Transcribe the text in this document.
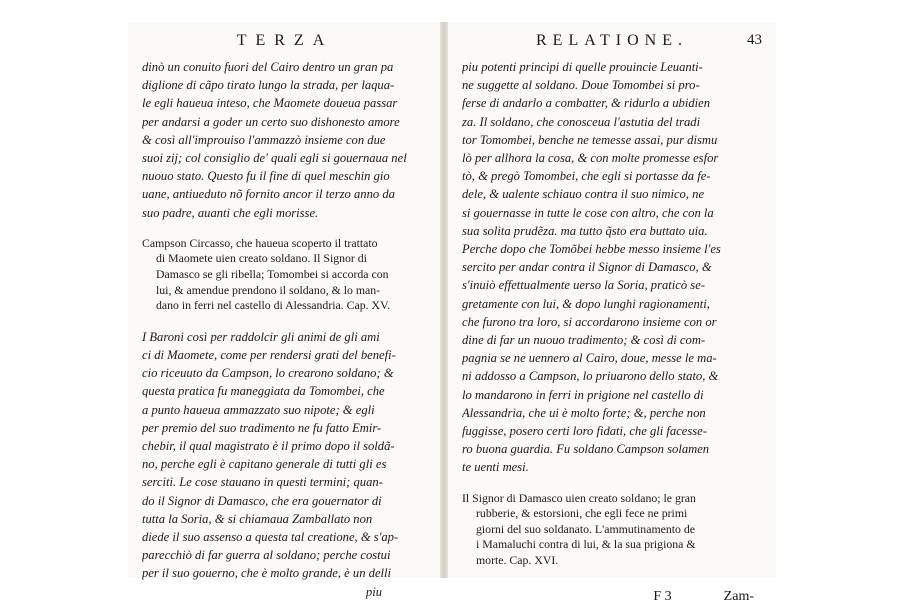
TERZA
dinò un conuito fuori del Cairo dentro un gran pa
diglione di cãpo tirato lungo la strada, per laqua-
le egli haueua inteso, che Maomete doueua passar
per andarsi a goder un certo suo dishonesto amore
& così all'improuiso l'ammazzò insieme con due
suoi zij; col consiglio de' quali egli si gouernaua nel
nuouo stato. Questo fu il fine di quel meschin gio
uane, antiueduto nõ fornito ancor il terzo anno da
suo padre, auanti che egli morisse.
Campson Circasso, che haueua scoperto il trattato
di Maomete uien creato soldano. Il Signor di
Damasco se gli ribella; Tomombei si accorda con
lui, & amendue prendono il soldano, & lo man-
dano in ferri nel castello di Alessandria. Cap. XV.
I Baroni così per raddolcir gli animi de gli ami
ci di Maomete, come per rendersi grati del benefi-
cio riceuuto da Campson, lo crearono soldano; &
questa pratica fu maneggiata da Tomombei, che
a punto haueua ammazzato suo nipote; & egli
per premio del suo tradimento ne fu fatto Emir-
chebir, il qual magistrato è il primo dopo il soldã-
no, perche egli è capitano generale di tutti gli es
serciti. Le cose stauano in questi termini; quan-
do il Signor di Damasco, che era gouernator di
tutta la Soria, & si chiamaua Zamballato non
diede il suo assenso a questa tal creatione, & s'ap-
parecchiò di far guerra al soldano; perche costui
per il suo gouerno, che è molto grande, è un delli
piu
RELATIONE.	43
piu potenti principi di quelle prouincie Leuanti-
ne suggette al soldano. Doue Tomombei si pro-
ferse di andarlo a combatter, & ridurlo a ubidien
za. Il soldano, che conosceua l'astutia del tradi
tor Tomombei, benche ne temesse assai, pur dismu
lò per allhora la cosa, & con molte promesse esfor
tò, & pregò Tomombei, che egli si portasse da fe-
dele, & ualente schiauo contra il suo nimico, ne
si gouernasse in tutte le cose con altro, che con la
sua solita prudẽza. ma tutto q̃sto era buttato uia.
Perche dopo che Tomõbei hebbe messo insieme l'es
sercito per andar contra il Signor di Damasco, &
s'inuiò effettualmente uerso la Soria, praticò se-
gretamente con lui, & dopo lunghi ragionamenti,
che furono tra loro, si accordarono insieme con or
dine di far un nuouo tradimento; & così di com-
pagnia se ne uennero al Cairo, doue, messe le ma-
ni addosso a Campson, lo priuarono dello stato, &
lo mandarono in ferri in prigione nel castello di
Alessandria, che ui è molto forte; &, perche non
fuggisse, posero certi loro fidati, che gli facesse-
ro buona guardia. Fu soldano Campson solamen
te uenti mesi.
Il Signor di Damasco uien creato soldano; le gran
rubberie, & estorsioni, che egli fece ne primi
giorni del suo soldanato. L'ammutinamento de
i Mamaluchi contra di lui, & la sua prigiona &
morte. Cap. XVI.
F 3	Zam-
